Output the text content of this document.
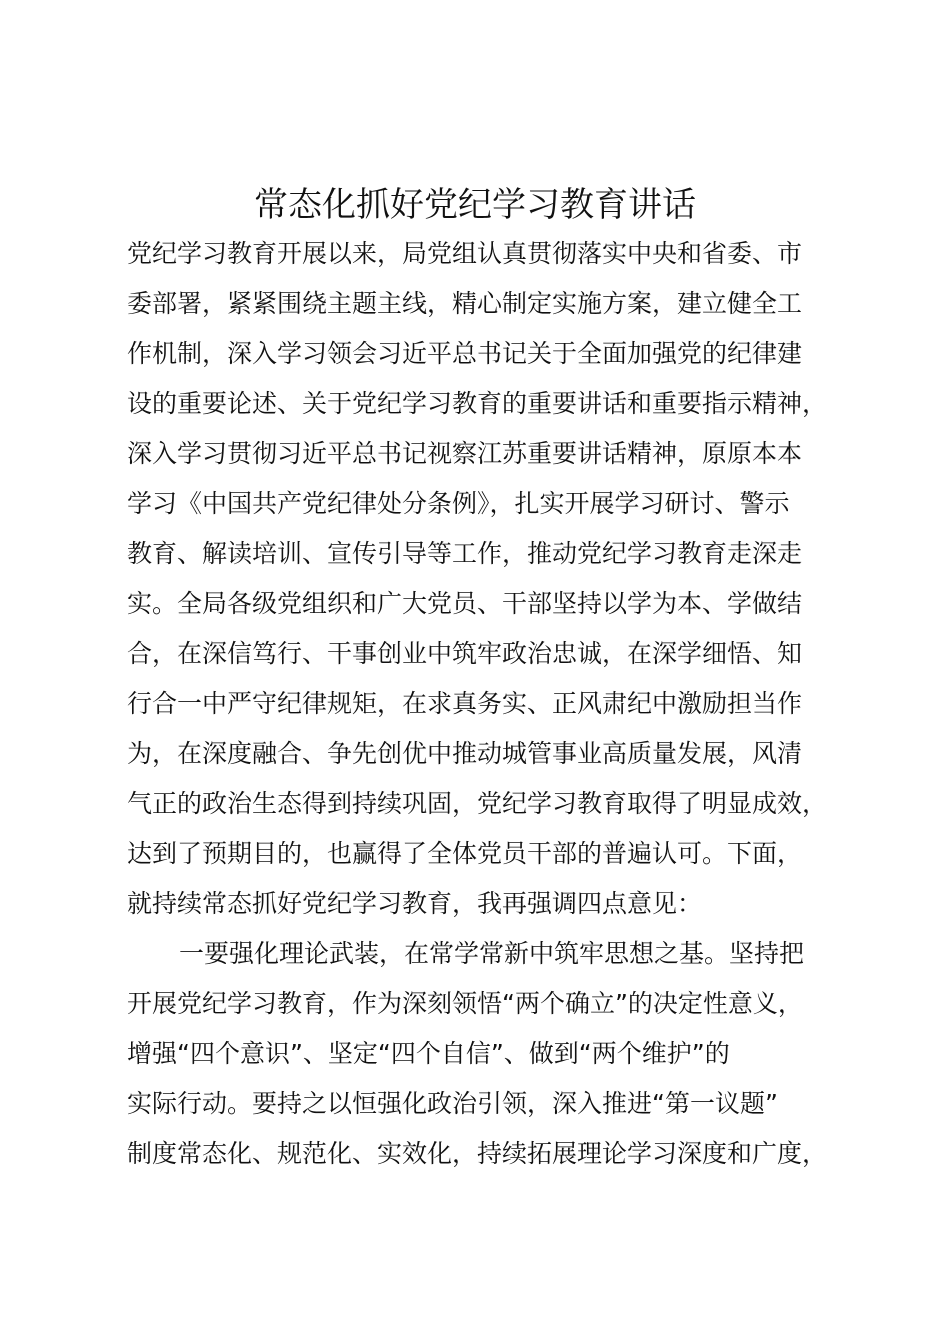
常态化抓好党纪学习教育讲话
党纪学习教育开展以来，局党组认真贯彻落实中央和省委、市
委部署，紧紧围绕主题主线，精心制定实施方案，建立健全工
作机制，深入学习领会习近平总书记关于全面加强党的纪律建
设的重要论述、关于党纪学习教育的重要讲话和重要指示精神，
深入学习贯彻习近平总书记视察江苏重要讲话精神，原原本本
学习《中国共产党纪律处分条例》，扎实开展学习研讨、警示
教育、解读培训、宣传引导等工作，推动党纪学习教育走深走
实。全局各级党组织和广大党员、干部坚持以学为本、学做结
合，在深信笃行、干事创业中筑牢政治忠诚，在深学细悟、知
行合一中严守纪律规矩，在求真务实、正风肃纪中激励担当作
为，在深度融合、争先创优中推动城管事业高质量发展，风清
气正的政治生态得到持续巩固，党纪学习教育取得了明显成效，
达到了预期目的，也赢得了全体党员干部的普遍认可。下面，
就持续常态抓好党纪学习教育，我再强调四点意见：
一要强化理论武装，在常学常新中筑牢思想之基。坚持把
开展党纪学习教育，作为深刻领悟“两个确立”的决定性意义，
增强“四个意识”、坚定“四个自信”、做到“两个维护”的
实际行动。要持之以恒强化政治引领，深入推进“第一议题”
制度常态化、规范化、实效化，持续拓展理论学习深度和广度，
